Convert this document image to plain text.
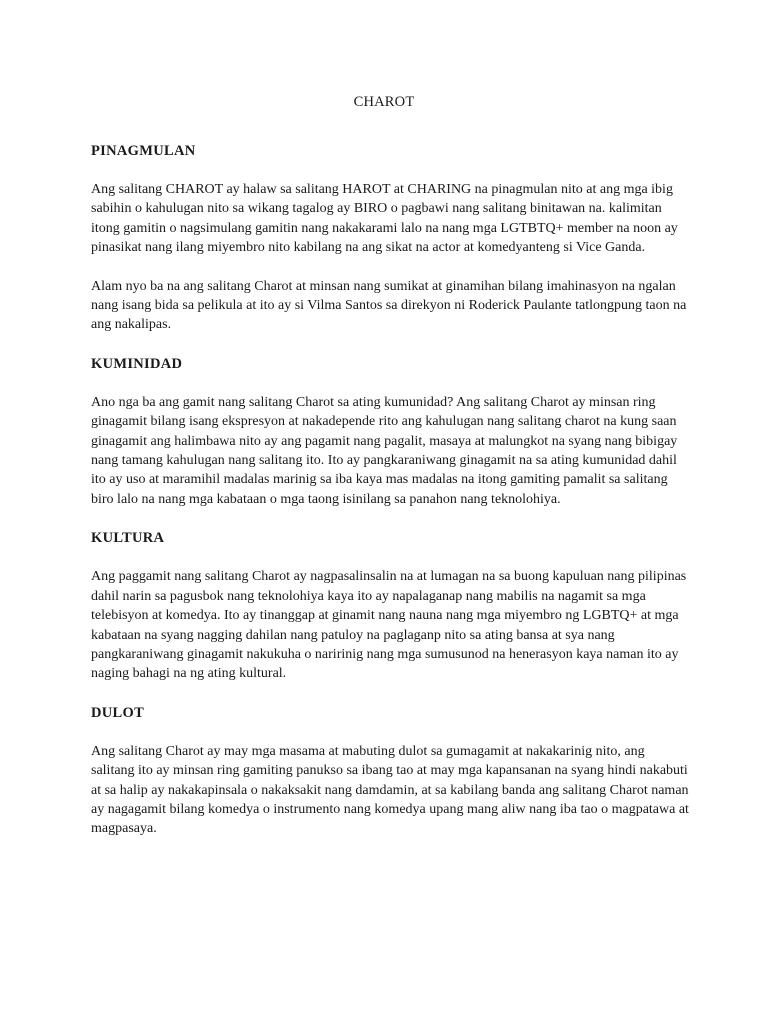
CHAROT
PINAGMULAN

Ang salitang CHAROT ay halaw sa salitang HAROT at CHARING na pinagmulan nito at ang mga ibig sabihin o kahulugan nito sa wikang tagalog ay BIRO o pagbawi nang salitang binitawan na. kalimitan itong gamitin o nagsimulang gamitin nang nakakarami lalo na nang mga LGTBTQ+ member na noon ay pinasikat nang ilang miyembro nito kabilang na ang sikat na actor at komedyanteng si Vice Ganda.

Alam nyo ba na ang salitang Charot at minsan nang sumikat at ginamihan bilang imahinasyon na ngalan nang isang bida sa pelikula at ito ay si Vilma Santos sa direkyon ni Roderick Paulante tatlongpung taon na ang nakalipas.

KUMINIDAD

Ano nga ba ang gamit nang salitang Charot sa ating kumunidad? Ang salitang Charot ay minsan ring ginagamit bilang isang ekspresyon at nakadepende rito ang kahulugan nang salitang charot na kung saan ginagamit ang halimbawa nito ay ang pagamit nang pagalit, masaya at malungkot na syang nang bibigay nang tamang kahulugan nang salitang ito. Ito ay pangkaraniwang ginagamit na sa ating kumunidad dahil ito ay uso at maramihil madalas marinig sa iba kaya mas madalas na itong gamiting pamalit sa salitang biro lalo na nang mga kabataan o mga taong isinilang sa panahon nang teknolohiya.

KULTURA

Ang paggamit nang salitang Charot ay nagpasalinsalin na at lumagan na sa buong kapuluan nang pilipinas dahil narin sa pagusbok nang teknolohiya kaya ito ay napalaganap nang mabilis na nagamit sa mga telebisyon at komedya. Ito ay tinanggap at ginamit nang nauna nang mga miyembro ng LGBTQ+ at mga kabataan na syang nagging dahilan nang patuloy na paglaganp nito sa ating bansa at sya nang pangkaraniwang ginagamit nakukuha o naririnig nang mga sumusunod na henerasyon kaya naman ito ay naging bahagi na ng ating kultural.

DULOT

Ang salitang Charot ay may mga masama at mabuting dulot sa gumagamit at nakakarinig nito, ang salitang ito ay minsan ring gamiting panukso sa ibang tao at may mga kapansanan na syang hindi nakabuti at sa halip ay nakakapinsala o nakaksakit nang damdamin, at sa kabilang banda ang salitang Charot naman ay nagagamit bilang komedya o instrumento nang komedya upang mang aliw nang iba tao o magpatawa at magpasaya.
